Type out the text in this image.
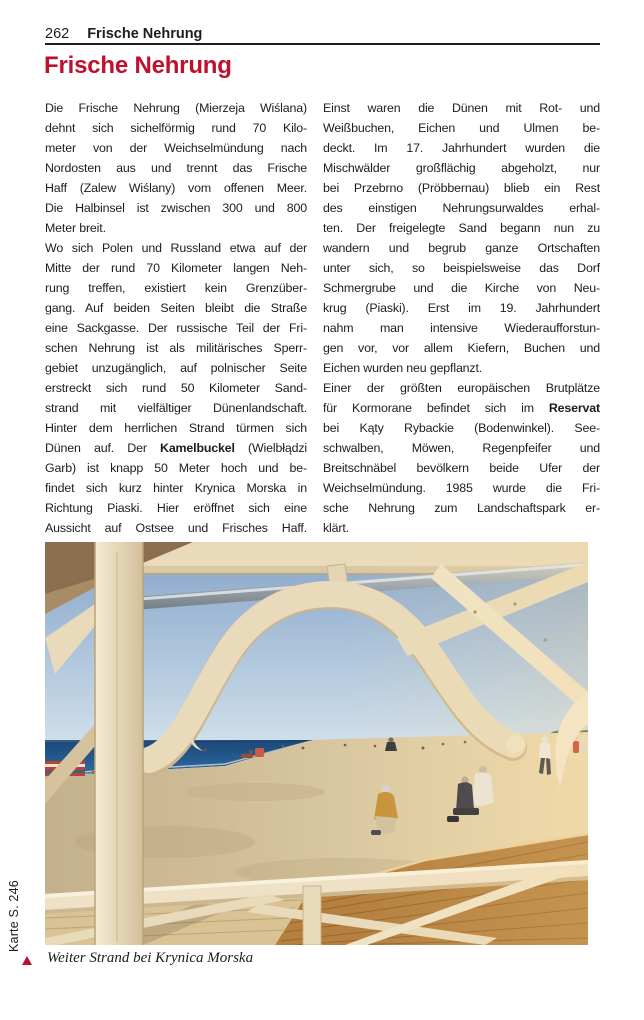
262 Frische Nehrung
Frische Nehrung
Die Frische Nehrung (Mierzeja Wiślana)
dehnt sich sichelförmig rund 70 Kilo-
meter von der Weichselmündung nach
Nordosten aus und trennt das Frische
Haff (Zalew Wiślany) vom offenen Meer.
Die Halbinsel ist zwischen 300 und 800
Meter breit.
Wo sich Polen und Russland etwa auf der
Mitte der rund 70 Kilometer langen Neh-
rung treffen, existiert kein Grenzüber-
gang. Auf beiden Seiten bleibt die Straße
eine Sackgasse. Der russische Teil der Fri-
schen Nehrung ist als militärisches Sperr-
gebiet unzugänglich, auf polnischer Seite
erstreckt sich rund 50 Kilometer Sand-
strand mit vielfältiger Dünenlandschaft.
Hinter dem herrlichen Strand türmen sich
Dünen auf. Der Kamelbuckel (Wielbłądzi
Garb) ist knapp 50 Meter hoch und be-
findet sich kurz hinter Krynica Morska in
Richtung Piaski. Hier eröffnet sich eine
Aussicht auf Ostsee und Frisches Haff.
Einst waren die Dünen mit Rot- und
Weißbuchen, Eichen und Ulmen be-
deckt. Im 17. Jahrhundert wurden die
Mischwälder großflächig abgeholzt, nur
bei Przebrno (Pröbbernau) blieb ein Rest
des einstigen Nehrungsurwaldes erhal-
ten. Der freigelegte Sand begann nun zu
wandern und begrub ganze Ortschaften
unter sich, so beispielsweise das Dorf
Schmergrube und die Kirche von Neu-
krug (Piaski). Erst im 19. Jahrhundert
nahm man intensive Wiederaufforstun-
gen vor, vor allem Kiefern, Buchen und
Eichen wurden neu gepflanzt.
Einer der größten europäischen Brutplätze
für Kormorane befindet sich im Reservat
bei Kąty Rybackie (Bodenwinkel). See-
schwalben, Möwen, Regenpfeifer und
Breitschnäbel bevölkern beide Ufer der
Weichselmündung. 1985 wurde die Fri-
sche Nehrung zum Landschaftspark er-
klärt.
Karte S. 246
Weiter Strand bei Krynica Morska
